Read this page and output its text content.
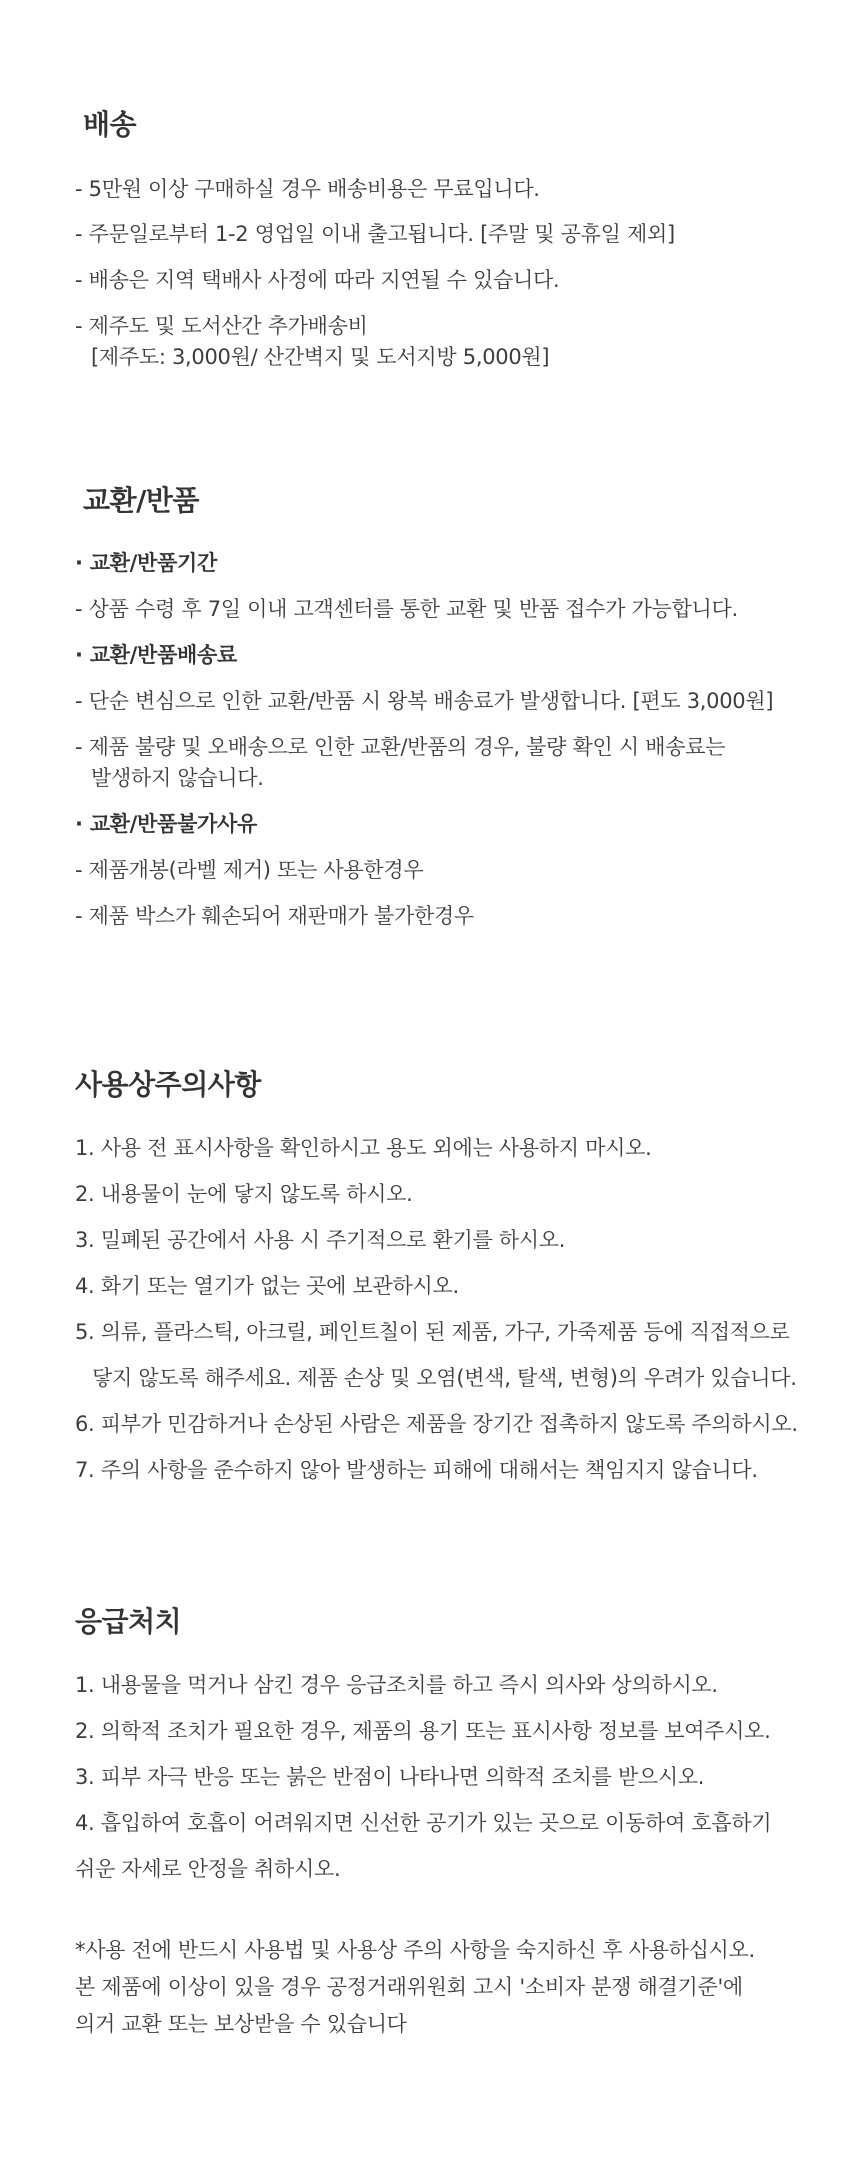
배송

- 5만원 이상 구매하실 경우 배송비용은 무료입니다.

- 주문일로부터 1-2 영업일 이내 출고됩니다. [주말 및 공휴일 제외]

- 배송은 지역 택배사 사정에 따라 지연될 수 있습니다.

- 제주도 및 도서산간 추가배송비

[제주도: 3,000원/ 산간벽지 및 도서지방 5,000원]

교환/반품

· 교환/반품기간

- 상품 수령 후 7일 이내 고객센터를 통한 교환 및 반품 접수가 가능합니다.

· 교환/반품배송료

- 단순 변심으로 인한 교환/반품 시 왕복 배송료가 발생합니다. [편도 3,000원]

- 제품 불량 및 오배송으로 인한 교환/반품의 경우, 불량 확인 시 배송료는

발생하지 않습니다.

· 교환/반품불가사유

- 제품개봉(라벨 제거) 또는 사용한경우

- 제품 박스가 훼손되어 재판매가 불가한경우

사용상주의사항

1. 사용 전 표시사항을 확인하시고 용도 외에는 사용하지 마시오.

2. 내용물이 눈에 닿지 않도록 하시오.

3. 밀폐된 공간에서 사용 시 주기적으로 환기를 하시오.

4. 화기 또는 열기가 없는 곳에 보관하시오.

5. 의류, 플라스틱, 아크릴, 페인트칠이 된 제품, 가구, 가죽제품 등에 직접적으로

닿지 않도록 해주세요. 제품 손상 및 오염(변색, 탈색, 변형)의 우려가 있습니다.

6. 피부가 민감하거나 손상된 사람은 제품을 장기간 접촉하지 않도록 주의하시오.

7. 주의 사항을 준수하지 않아 발생하는 피해에 대해서는 책임지지 않습니다.

응급처치

1. 내용물을 먹거나 삼킨 경우 응급조치를 하고 즉시 의사와 상의하시오.

2. 의학적 조치가 필요한 경우, 제품의 용기 또는 표시사항 정보를 보여주시오.

3. 피부 자극 반응 또는 붉은 반점이 나타나면 의학적 조치를 받으시오.

4. 흡입하여 호흡이 어려워지면 신선한 공기가 있는 곳으로 이동하여 호흡하기

쉬운 자세로 안정을 취하시오.

*사용 전에 반드시 사용법 및 사용상 주의 사항을 숙지하신 후 사용하십시오.

본 제품에 이상이 있을 경우 공정거래위원회 고시 '소비자 분쟁 해결기준'에

의거 교환 또는 보상받을 수 있습니다
